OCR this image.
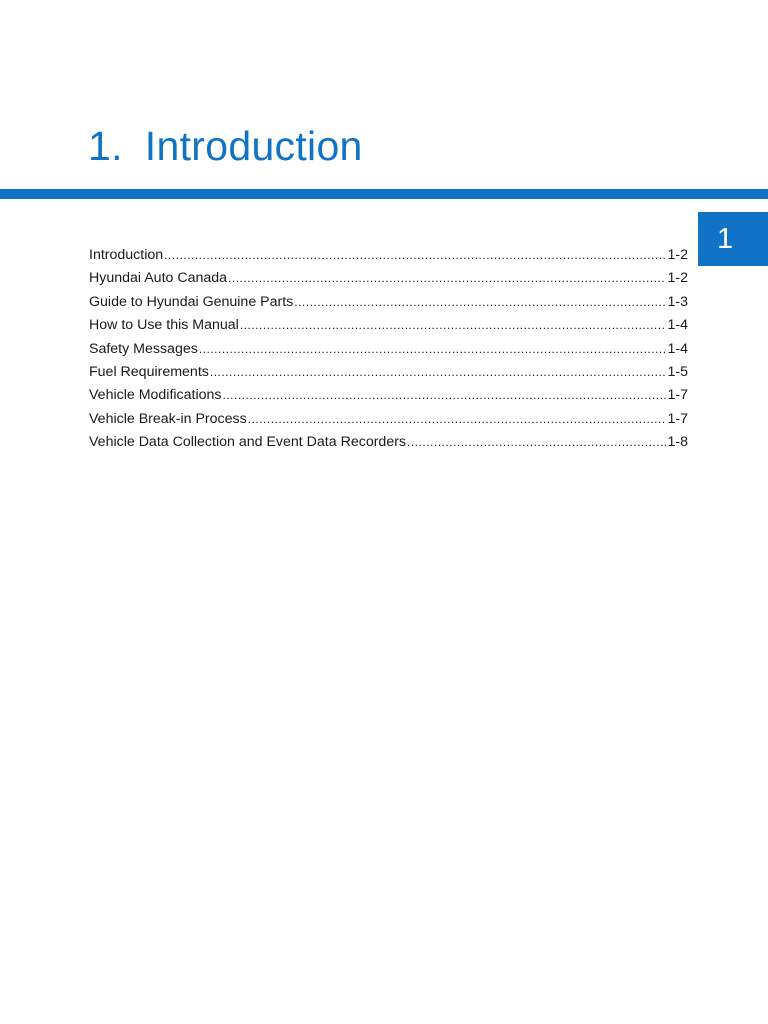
1. Introduction
1
Introduction .....	1-2
Hyundai Auto Canada .....	1-2
Guide to Hyundai Genuine Parts .....	1-3
How to Use this Manual .....	1-4
Safety Messages .....	1-4
Fuel Requirements .....	1-5
Vehicle Modifications .....	1-7
Vehicle Break-in Process .....	1-7
Vehicle Data Collection and Event Data Recorders .....	1-8
